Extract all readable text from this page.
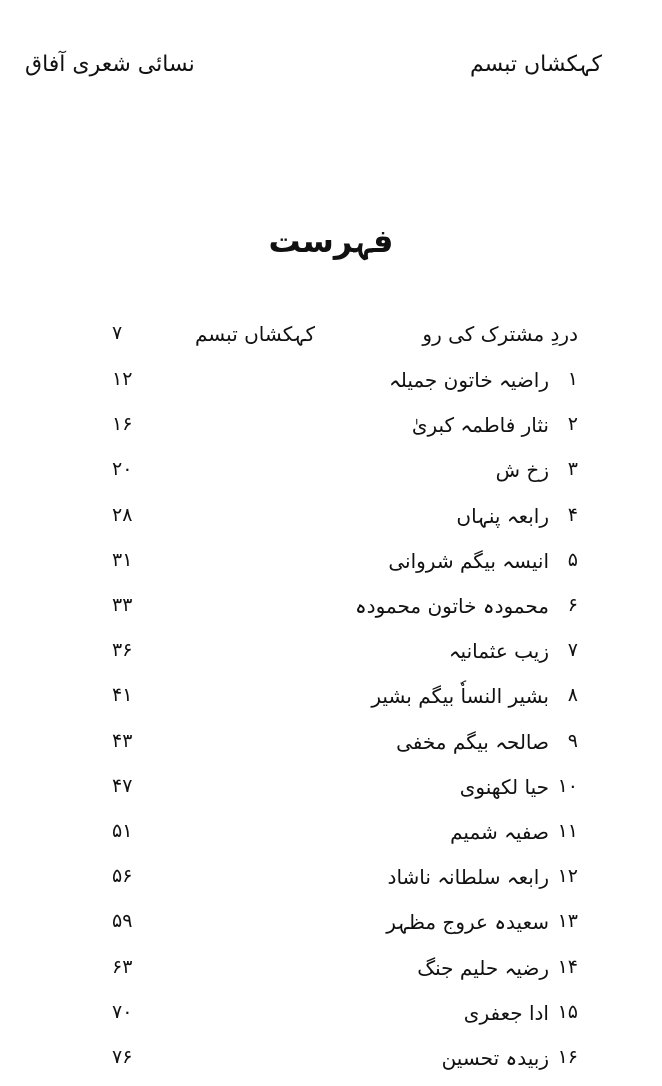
کہکشاں تبسم
نسائی شعری آفاق
فہرست
دردِ مشترک کی رو
کہکشاں تبسم
۷
۱
راضیہ خاتون جمیلہ
۱۲
۲
نثار فاطمہ کبریٰ
۱۶
۳
زخ ش
۲۰
۴
رابعہ پنہاں
۲۸
۵
انیسہ بیگم شروانی
۳۱
۶
محمودہ خاتون محمودہ
۳۳
۷
زیب عثمانیہ
۳۶
۸
بشیر النساٗ بیگم بشیر
۴۱
۹
صالحہ بیگم مخفی
۴۳
۱۰
حیا لکھنوی
۴۷
۱۱
صفیہ شمیم
۵۱
۱۲
رابعہ سلطانہ ناشاد
۵۶
۱۳
سعیدہ عروج مظہر
۵۹
۱۴
رضیہ حلیم جنگ
۶۳
۱۵
ادا جعفری
۷۰
۱۶
زبیدہ تحسین
۷۶
